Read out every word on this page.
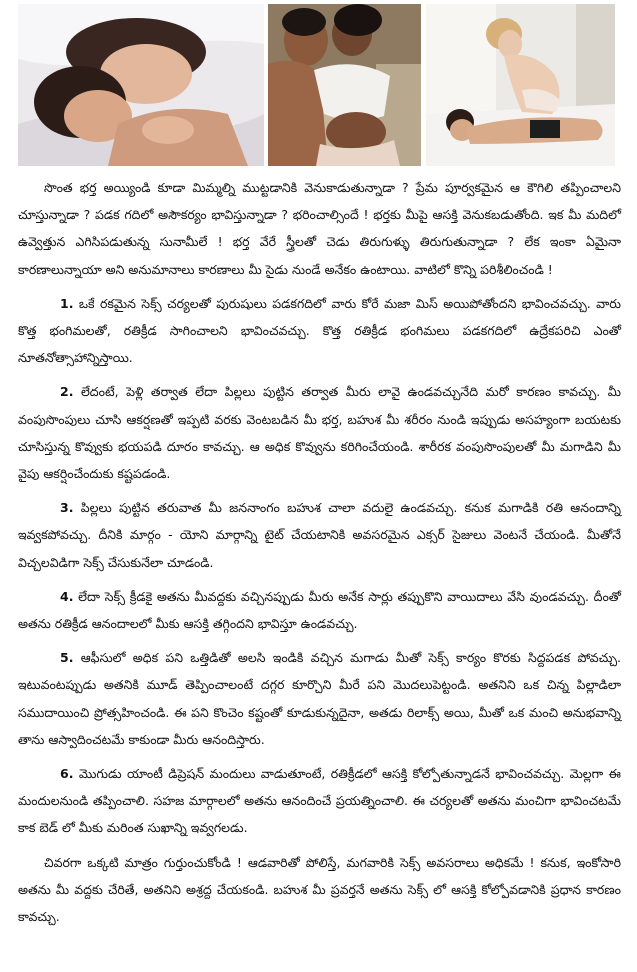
సొంత భర్త అయ్యిండి కూడా మిమ్మల్ని ముట్టడానికి వెనుకాడుతున్నాడా ? ప్రేమ పూర్వకమైన ఆ కౌగిలి తప్పించాలని చూస్తున్నాడా ? పడక గదిలో అసౌకర్యం భావిస్తున్నాడా ? భరించాల్సిందే ! భర్తకు మీపై ఆసక్తి వెనుకబడుతోంది. ఇక మీ మదిలో ఉవ్వెత్తున ఎగిసిపడుతున్న సునామీలే ! భర్త వేరే స్త్రీలతో చెడు తిరుగుళ్ళు తిరుగుతున్నాడా ? లేక ఇంకా ఏమైనా కారణాలున్నాయా అని అనుమానాలు కారణాలు మీ సైడు నుండే అనేకం ఉంటాయి. వాటిలో కొన్ని పరిశీలించండి !

1. ఒకే రకమైన సెక్స్ చర్యలతో పురుషులు పడకగదిలో వారు కోరే మజా మిస్ అయిపోతోందని భావించవచ్చు. వారు కొత్త భంగిమలతో, రతిక్రీడ సాగించాలని భావించవచ్చు. కొత్త రతిక్రీడ భంగిమలు పడకగదిలో ఉద్రేకపరిచి ఎంతో నూతనోత్సాహాన్నిస్తాయి.

2. లేదంటే, పెళ్లి తర్వాత లేదా పిల్లలు పుట్టిన తర్వాత మీరు లావై ఉండవచ్చునేది మరో కారణం కావచ్చు. మీ వంపుసొంపులు చూసి ఆకర్షణతో ఇప్పటి వరకు వెంటబడిన మీ భర్త, బహుశ మీ శరీరం నుండి ఇప్పుడు అసహ్యంగా బయటకు చూసిస్తున్న కొవ్వుకు భయపడి దూరం కావచ్చు. ఆ అధిక కొవ్వును కరిగించేయండి. శారీరక వంపుసొంపులతో మీ మగాడిని మీ వైపు ఆకర్షించేందుకు కష్టపడండి.

3. పిల్లలు పుట్టిన తరువాత మీ జననాంగం బహుశ చాలా వదులై ఉండవచ్చు. కనుక మగాడికి రతి ఆనందాన్ని ఇవ్వకపోవచ్చు. దీనికి మార్గం - యోని మార్గాన్ని టైట్ చేయటానికి అవసరమైన ఎక్సర్ సైజులు వెంటనే చేయండి. మీతోనే విచ్చలవిడిగా సెక్స్ చేసుకునేలా చూడండి.

4. లేదా సెక్స్ క్రీడకై అతను మీవద్దకు వచ్చినప్పుడు మీరు అనేక సార్లు తప్పుకొని వాయిదాలు వేసి వుండవచ్చు. దీంతో అతను రతిక్రీడ ఆనందాలలో మీకు ఆసక్తి తగ్గిందని భావిస్తూ ఉండవచ్చు.

5. ఆఫీసులో అధిక పని ఒత్తిడితో అలసి ఇండికి వచ్చిన మగాడు మీతో సెక్స్ కార్యం కొరకు సిద్దపడక పోవచ్చు. ఇటువంటప్పుడు అతనికి మూడ్ తెప్పించాలంటే దగ్గర కూర్చొని మీరే పని మొదలుపెట్టండి. అతనిని ఒక చిన్న పిల్లాడిలా సముదాయించి ప్రోత్సహించండి. ఈ పని కొంచెం కష్టంతో కూడుకున్నదైనా, అతడు రిలాక్స్ అయి, మీతో ఒక మంచి అనుభవాన్ని తాను ఆస్వాదించటమే కాకుండా మీరు ఆనందిస్తారు.

6. మొగుడు యాంటీ డిప్రెషన్ మందులు వాడుతూంటే, రతిక్రీడలో ఆసక్తి కోల్పోతున్నాడనే భావించవచ్చు. మెల్లగా ఈ మందులనుండి తప్పించాలి. సహజ మార్గాలలో అతను ఆనందించే ప్రయత్నించాలి. ఈ చర్యలతో అతను మంచిగా భావించటమే కాక బెడ్ లో మీకు మరింత సుఖాన్ని ఇవ్వగలడు.

చివరగా ఒక్కటి మాత్రం గుర్తుంచుకోండి ! ఆడవారితో పోలిస్తే, మగవారికి సెక్స్ అవసరాలు అధికమే ! కనుక, ఇంకోసారి అతను మీ వద్దకు చేరితే, అతనిని అశ్రద్ద చేయకండి. బహుశ మీ ప్రవర్తనే అతను సెక్స్ లో ఆసక్తి కోల్పోవడానికి ప్రధాన కారణం కావచ్చు.
